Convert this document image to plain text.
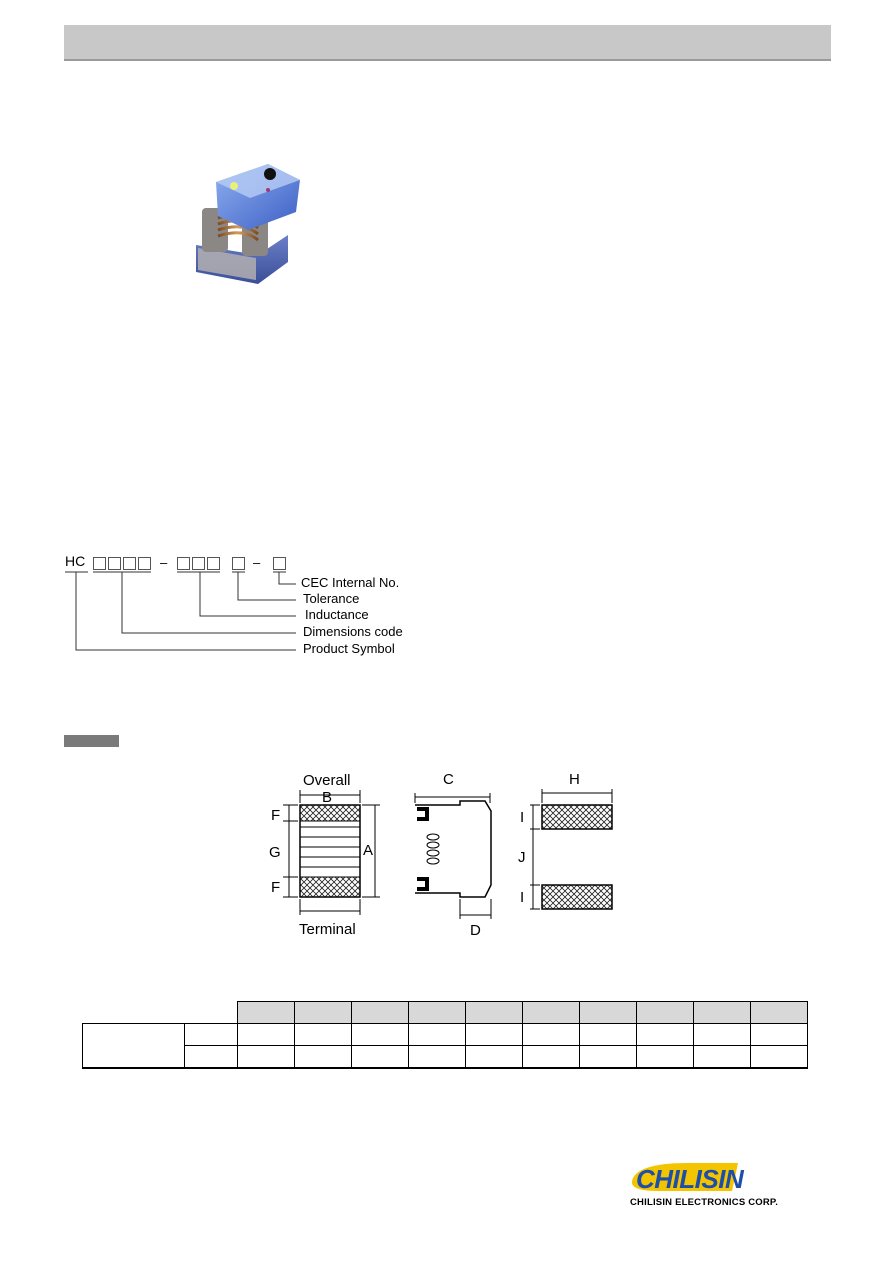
HC	–	–
CEC Internal No.
Tolerance
Inductance
Dimensions code
Product Symbol
Overall
B
A
F
G
F
Terminal
C
D
H
I
J
I

CHILISIN
CHILISIN ELECTRONICS CORP.
